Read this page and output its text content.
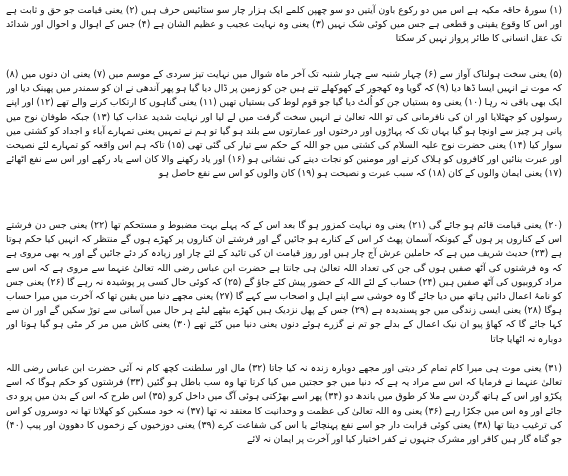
(۱) سورۂ حاقہ مکیہ ہے اس میں دو رکوع باون آیتیں دو سو چھپن کلمے ایک ہزار چار سو ستائیس حرف ہیں (۲) یعنی قیامت جو حق و ثابت ہے اور اس کا وقوع یقینی و قطعی ہے جس میں کوئی شک نہیں (۳) یعنی وہ نہایت عجیب و عظیم الشان ہے (۴) جس کے اہوال و احوال اور شدائد تک عقل انسانی کا طائر پرواز نہیں کر سکتا

(۵) یعنی سخت ہولناک آواز سے (۶) چہار شنبہ سے چہار شنبہ تک آخر ماہ شوال میں نہایت تیز سردی کے موسم میں (۷) یعنی ان دنوں میں (۸) کہ موت نے انہیں ایسا ڈھا دیا (۹) کہ گویا وہ کھجور کے کھوکھلے تنے ہیں جن کو زمین پر ڈال دیا گیا ہو پھر آندھی نے ان کو سمندر میں پھینک دیا اور ایک بھی باقی نہ رہا (۱۰) یعنی وہ بستیاں جن کو اُلٹ دیا گیا جو قوم لوط کی بستیاں تھیں (۱۱) یعنی گناہوں کا ارتکاب کرنے والے تھے (۱۲) اور اپنے رسولوں کو جھٹلایا اور ان کی نافرمانی کی تو اللہ تعالیٰ نے انہیں سخت گرفت میں لے لیا اور نہایت شدید عذاب کیا (۱۳) جبکہ طوفان نوح میں پانی ہر چیز سے اونچا ہو گیا یہاں تک کہ پہاڑوں اور درختوں اور عمارتوں سے بلند ہو گیا تو ہم نے تمہیں یعنی تمہارے آباء و اجداد کو کشتی میں سوار کیا (۱۴) یعنی حضرت نوح علیہ السلام کی کشتی میں جو اللہ کے حکم سے تیار کی گئی تھی (۱۵) تاکہ ہم اس واقعہ کو تمہارے لئے نصیحت اور عبرت بنائیں اور کافروں کو ہلاک کرنے اور مومنین کو نجات دینے کی نشانی ہو (۱۶) اور یاد رکھنے والا کان اسے یاد رکھے اور اس سے نفع اٹھائے (۱۷) یعنی ایمان والوں کے کان (۱۸) کہ سبب عبرت و نصیحت ہو (۱۹) کان والوں کو اس سے نفع حاصل ہو

(۲۰) یعنی قیامت قائم ہو جائے گی (۲۱) یعنی وہ نہایت کمزور ہو گا بعد اس کے کہ پہلے بہت مضبوط و مستحکم تھا (۲۲) یعنی جس دن فرشتے اس کے کناروں پر ہوں گے کیونکہ آسمان پھٹ کر اس کے کنارے ہو جائیں گے اور فرشتے ان کناروں پر کھڑے ہوں گے منتظر کہ انہیں کیا حکم ہوتا ہے (۲۳) حدیث شریف میں ہے کہ حاملین عرش آج چار ہیں اور روز قیامت ان کی تائید کے لئے چار اور زیادہ کر دئے جائیں گے اور یہ بھی مروی ہے کہ وہ فرشتوں کی آٹھ صفیں ہوں گی جن کی تعداد اللہ تعالیٰ ہی جانتا ہے حضرت ابن عباس رضی اللہ تعالیٰ عنہما سے مروی ہے کہ اس سے مراد کروبیوں کی آٹھ صفیں ہیں (۲۴) حساب کے لئے اللہ کے حضور پیش کئے جاؤ گے (۲۵) کہ کوئی حال کسی پر پوشیدہ نہ رہے گا (۲۶) یعنی جس کو نامۂ اعمال دائیں ہاتھ میں دیا جائے گا وہ خوشی سے اپنے اہل و اصحاب سے کہے گا (۲۷) یعنی مجھے دنیا میں یقین تھا کہ آخرت میں میرا حساب ہوگا (۲۸) یعنی ایسی زندگی میں جو پسندیدہ ہے (۲۹) جس کے پھل نزدیک ہیں کھڑے بیٹھے لیٹے ہر حال میں آسانی سے توڑ سکیں گے اور ان سے کہا جائے گا کہ کھاؤ پیو ان نیک اعمال کے بدلے جو تم نے گزرے ہوئے دنوں یعنی دنیا میں کئے تھے (۳۰) یعنی کاش میں مر کر مٹی ہو گیا ہوتا اور دوبارہ نہ اٹھایا جاتا

(۳۱) یعنی موت ہی میرا کام تمام کر دیتی اور مجھے دوبارہ زندہ نہ کیا جاتا (۳۲) مال اور سلطنت کچھ کام نہ آئی حضرت ابن عباس رضی اللہ تعالیٰ عنہما نے فرمایا کہ اس سے مراد یہ ہے کہ دنیا میں جو حجتیں میں کیا کرتا تھا وہ سب باطل ہو گئیں (۳۳) فرشتوں کو حکم ہوگا کہ اسے پکڑو اور اس کے ہاتھ گردن سے ملا کر طوق میں باندھ دو (۳۴) پھر اسے بھڑکتی ہوئی آگ میں داخل کرو (۳۵) اس طرح کہ اس کے بدن میں پرو دی جائے اور وہ اس میں جکڑا رہے (۳۶) یعنی وہ اللہ تعالیٰ کی عظمت و وحدانیت کا معتقد نہ تھا (۳۷) نہ خود مسکین کو کھلاتا تھا نہ دوسروں کو اس کی ترغیب دیتا تھا (۳۸) یعنی کوئی قرابت دار جو اسے نفع پہنچائے یا اس کی شفاعت کرے (۳۹) یعنی دوزخیوں کے زخموں کا دھوون اور پیپ (۴۰) جو گناہ گار ہیں کافر اور مشرک جنہوں نے کفر اختیار کیا اور آخرت پر ایمان نہ لائے
